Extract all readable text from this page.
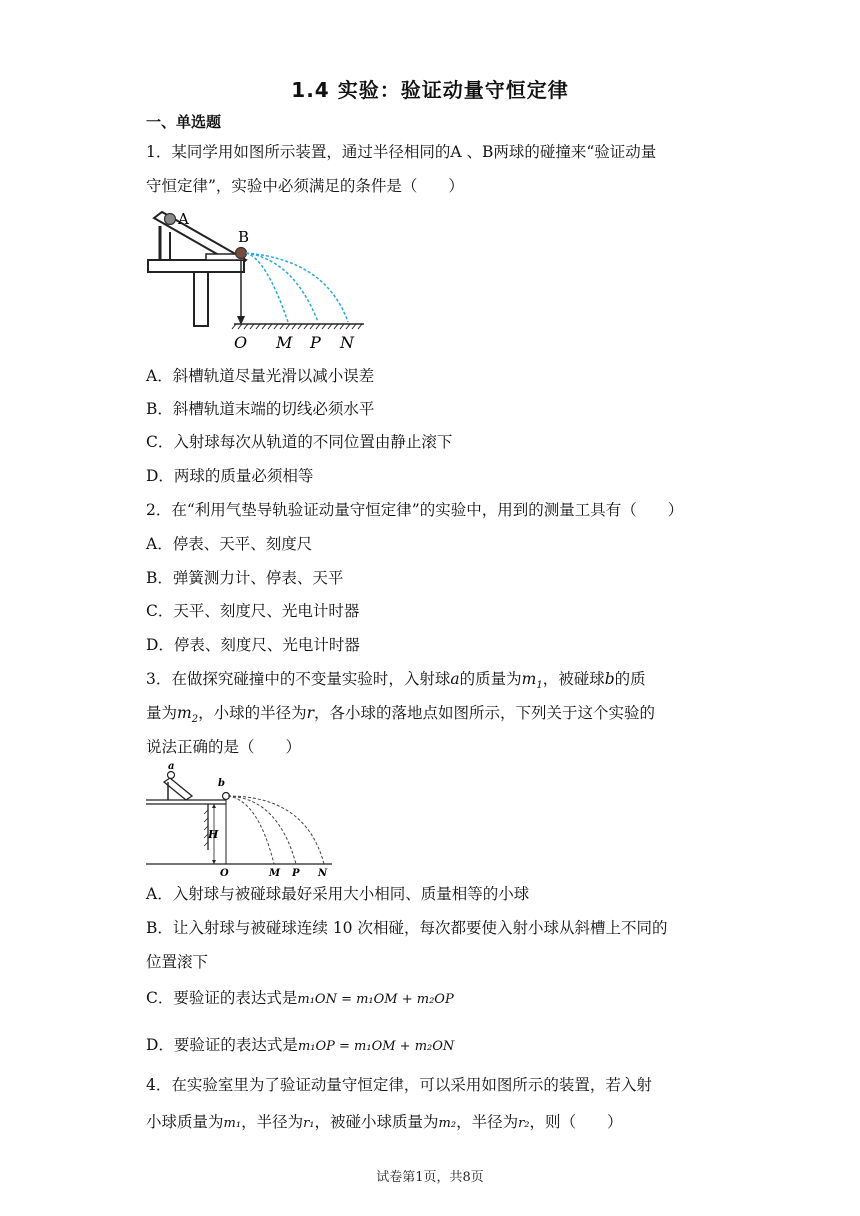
1.4 实验：验证动量守恒定律
一、单选题
1．某同学用如图所示装置，通过半径相同的A 、B两球的碰撞来“验证动量
守恒定律”，实验中必须满足的条件是（　　）
A
B
O M P N
A．斜槽轨道尽量光滑以减小误差
B．斜槽轨道末端的切线必须水平
C．入射球每次从轨道的不同位置由静止滚下
D．两球的质量必须相等
2．在“利用气垫导轨验证动量守恒定律”的实验中，用到的测量工具有（　　）
A．停表、天平、刻度尺
B．弹簧测力计、停表、天平
C．天平、刻度尺、光电计时器
D．停表、刻度尺、光电计时器
3．在做探究碰撞中的不变量实验时，入射球a的质量为$m_1$，被碰球b的质
量为$m_2$，小球的半径为r，各小球的落地点如图所示，下列关于这个实验的
说法正确的是（　　）
a
b
H
O	M P N
A．入射球与被碰球最好采用大小相同、质量相等的小球
B．让入射球与被碰球连续 10 次相碰，每次都要使入射小球从斜槽上不同的
位置滚下
C．要验证的表达式是m₁ON = m₁OM + m₂OP
D．要验证的表达式是m₁OP = m₁OM + m₂ON
4．在实验室里为了验证动量守恒定律，可以采用如图所示的装置，若入射
小球质量为m₁，半径为r₁，被碰小球质量为m₂，半径为r₂，则（　　）
试卷第1页，共8页
